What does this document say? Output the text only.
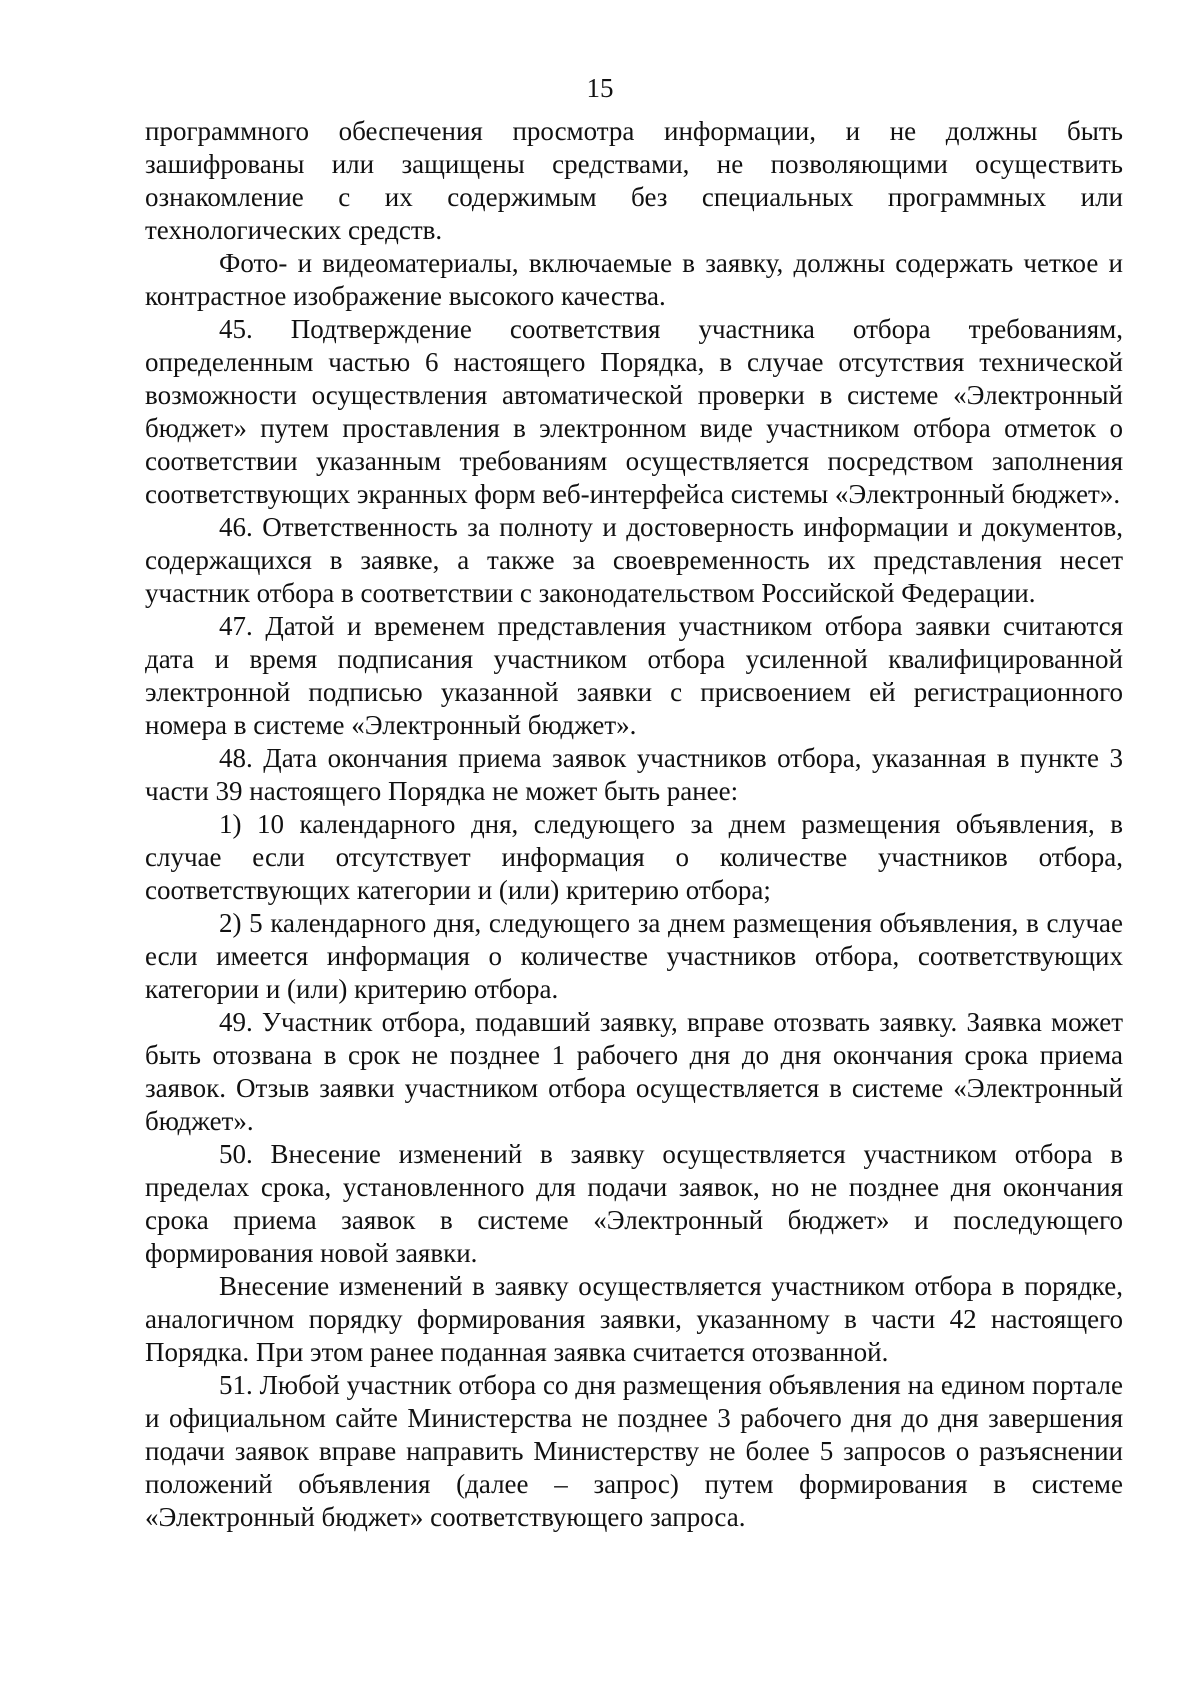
15

программного обеспечения просмотра информации, и не должны быть зашифрованы или защищены средствами, не позволяющими осуществить ознакомление с их содержимым без специальных программных или технологических средств.

Фото- и видеоматериалы, включаемые в заявку, должны содержать четкое и контрастное изображение высокого качества.

45. Подтверждение соответствия участника отбора требованиям, определенным частью 6 настоящего Порядка, в случае отсутствия технической возможности осуществления автоматической проверки в системе «Электронный бюджет» путем проставления в электронном виде участником отбора отметок о соответствии указанным требованиям осуществляется посредством заполнения соответствующих экранных форм веб-интерфейса системы «Электронный бюджет».

46. Ответственность за полноту и достоверность информации и документов, содержащихся в заявке, а также за своевременность их представления несет участник отбора в соответствии с законодательством Российской Федерации.

47. Датой и временем представления участником отбора заявки считаются дата и время подписания участником отбора усиленной квалифицированной электронной подписью указанной заявки с присвоением ей регистрационного номера в системе «Электронный бюджет».

48. Дата окончания приема заявок участников отбора, указанная в пункте 3 части 39 настоящего Порядка не может быть ранее:

1) 10 календарного дня, следующего за днем размещения объявления, в случае если отсутствует информация о количестве участников отбора, соответствующих категории и (или) критерию отбора;

2) 5 календарного дня, следующего за днем размещения объявления, в случае если имеется информация о количестве участников отбора, соответствующих категории и (или) критерию отбора.

49. Участник отбора, подавший заявку, вправе отозвать заявку. Заявка может быть отозвана в срок не позднее 1 рабочего дня до дня окончания срока приема заявок. Отзыв заявки участником отбора осуществляется в системе «Электронный бюджет».

50. Внесение изменений в заявку осуществляется участником отбора в пределах срока, установленного для подачи заявок, но не позднее дня окончания срока приема заявок в системе «Электронный бюджет» и последующего формирования новой заявки.

Внесение изменений в заявку осуществляется участником отбора в порядке, аналогичном порядку формирования заявки, указанному в части 42 настоящего Порядка. При этом ранее поданная заявка считается отозванной.

51. Любой участник отбора со дня размещения объявления на едином портале и официальном сайте Министерства не позднее 3 рабочего дня до дня завершения подачи заявок вправе направить Министерству не более 5 запросов о разъяснении положений объявления (далее – запрос) путем формирования в системе «Электронный бюджет» соответствующего запроса.
